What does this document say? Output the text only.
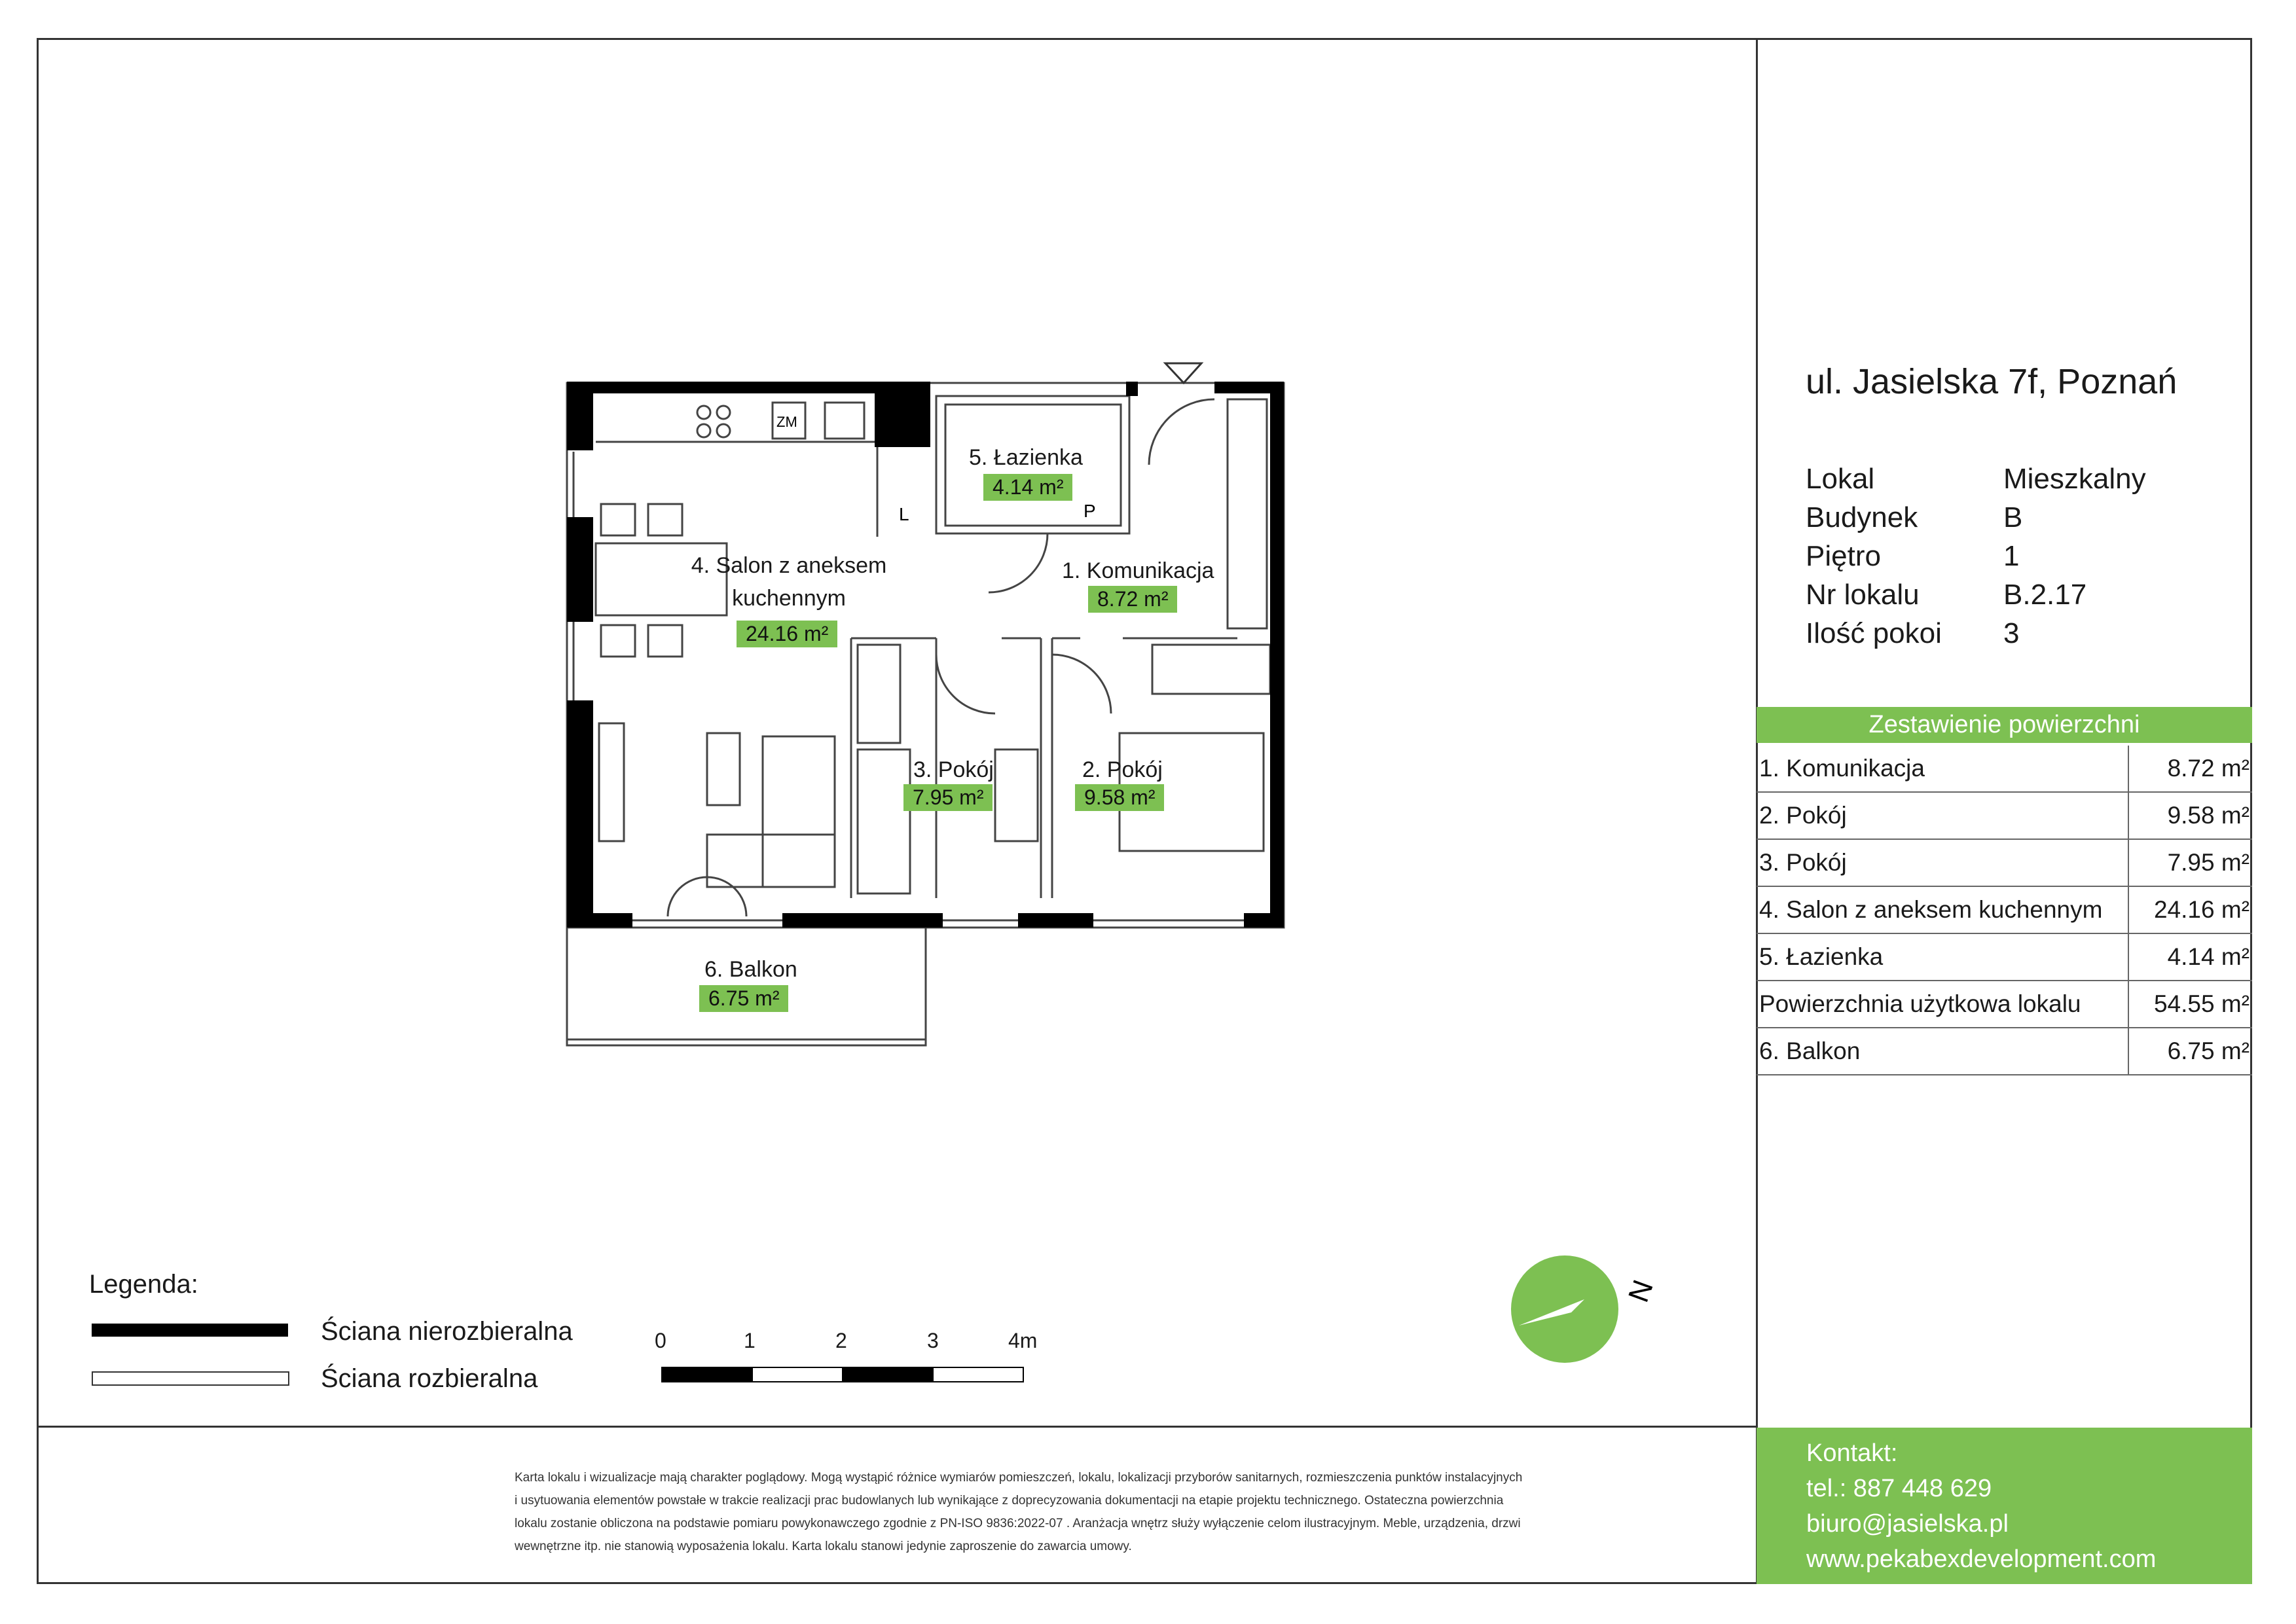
ZM
L	P
N
4. Salon z aneksem
kuchennym
24.16 m²
5. Łazienka
4.14 m²
1. Komunikacja
8.72 m²
3. Pokój
7.95 m²
2. Pokój
9.58 m²
6. Balkon
6.75 m²
ul. Jasielska 7f, Poznań
Lokal	Mieszkalny
Budynek	B
Piętro	1
Nr lokalu	B.2.17
Ilość pokoi	3
Zestawienie powierzchni
1. Komunikacja	8.72 m²
2. Pokój	9.58 m²
3. Pokój	7.95 m²
4. Salon z aneksem kuchennym	24.16 m²
5. Łazienka	4.14 m²
Powierzchnia użytkowa lokalu	54.55 m²
6. Balkon	6.75 m²
Legenda:
Ściana nierozbieralna
Ściana rozbieralna
0	1	2	3	4m
Karta lokalu i wizualizacje mają charakter poglądowy. Mogą wystąpić różnice wymiarów pomieszczeń, lokalu, lokalizacji przyborów sanitarnych, rozmieszczenia punktów instalacyjnych
i usytuowania elementów powstałe w trakcie realizacji prac budowlanych lub wynikające z doprecyzowania dokumentacji na etapie projektu technicznego. Ostateczna powierzchnia
lokalu zostanie obliczona na podstawie pomiaru powykonawczego zgodnie z PN-ISO 9836:2022-07 . Aranżacja wnętrz służy wyłączenie celom ilustracyjnym. Meble, urządzenia, drzwi
wewnętrzne itp. nie stanowią wyposażenia lokalu. Karta lokalu stanowi jedynie zaproszenie do zawarcia umowy.
Kontakt:
tel.: 887 448 629
biuro@jasielska.pl
www.pekabexdevelopment.com
